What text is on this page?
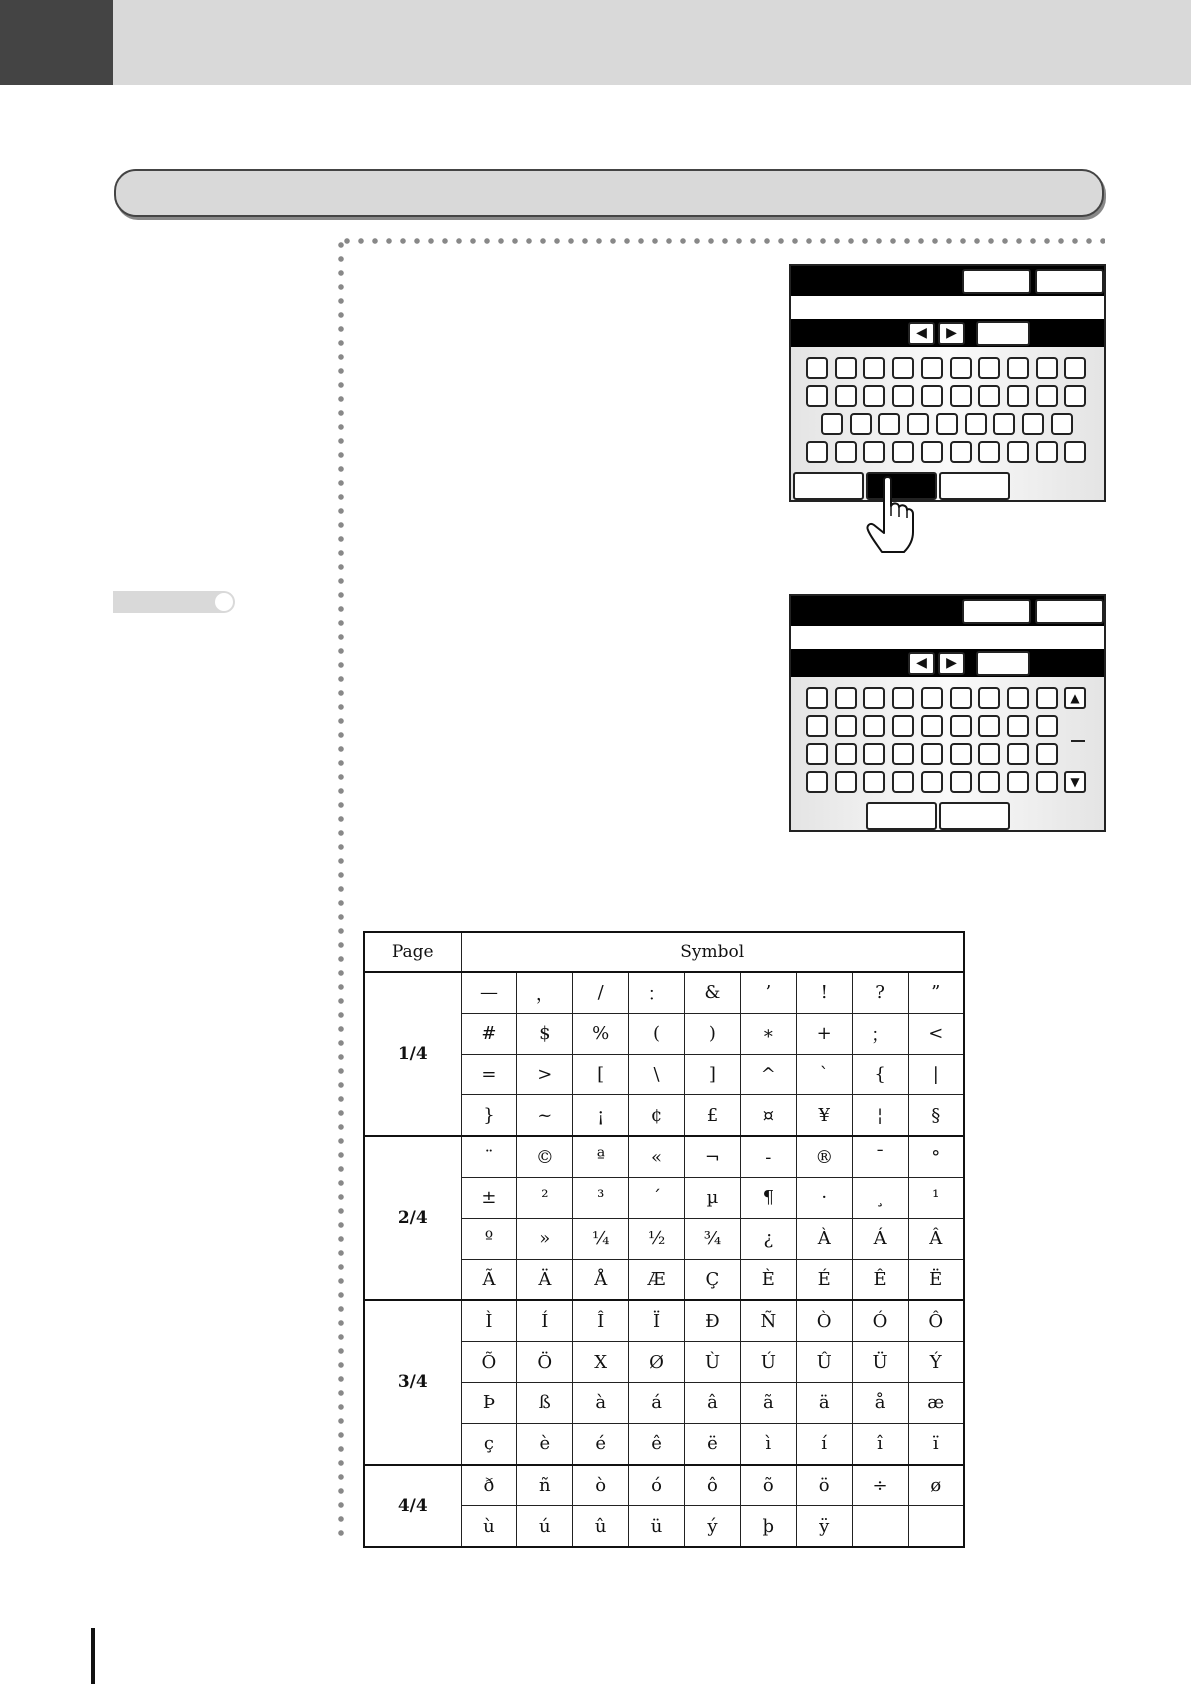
◀	▶
◀	▶
▲
▼
Page	Symbol								
1/4	—	，	/	：	&	’	!	?	”
	#	$	%	(	)	∗	+	；	<
	=	>	[	\	]	^	`	{	|
	}	~	¡	¢	£	¤	¥	¦	§
2/4	¨	©	ª	«	¬	-	®	¯	°
	±	²	³	´	µ	¶	·	¸	¹
	º	»	¼	½	¾	¿	À	Á	Â
	Ã	Ä	Å	Æ	Ç	È	É	Ê	Ë
3/4	Ì	Í	Î	Ï	Ð	Ñ	Ò	Ó	Ô
	Õ	Ö	X	Ø	Ù	Ú	Û	Ü	Ý
	Þ	ß	à	á	â	ã	ä	å	æ
	ç	è	é	ê	ë	ì	í	î	ï
4/4	ð	ñ	ò	ó	ô	õ	ö	÷	ø
	ù	ú	û	ü	ý	þ	ÿ		
